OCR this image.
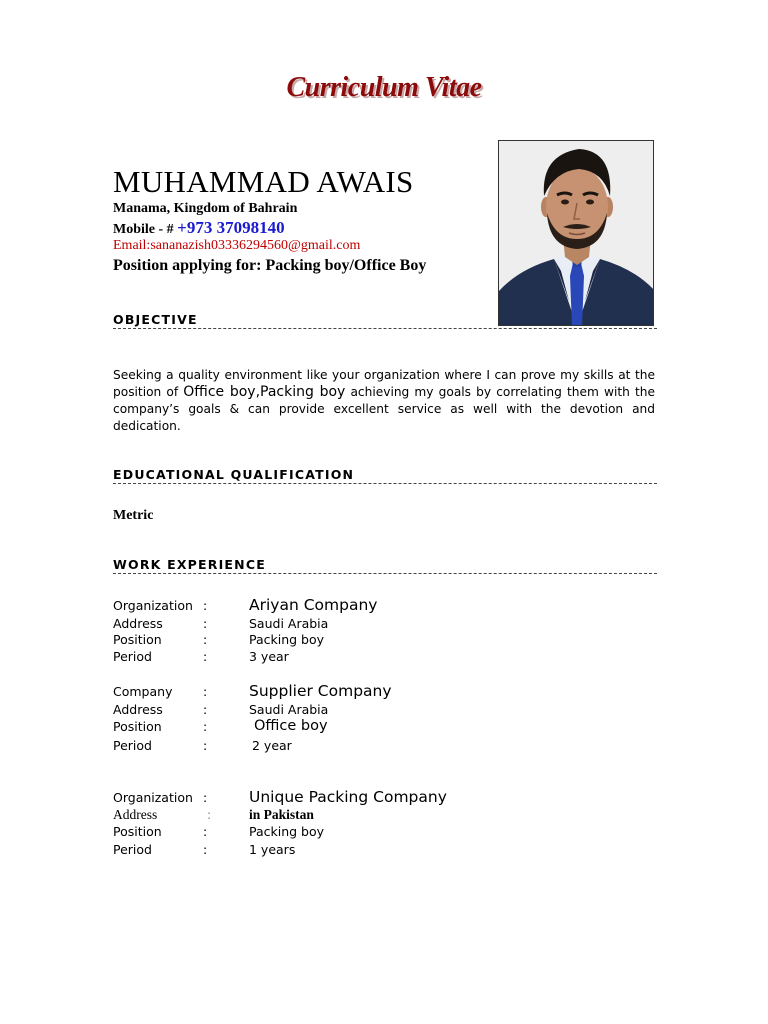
Curriculum Vitae
MUHAMMAD AWAIS
Manama, Kingdom of Bahrain
Mobile - # +973 37098140
Email:sananazish03336294560@gmail.com
Position applying for: Packing boy/Office Boy
OBJECTIVE
Seeking a quality environment like your organization where I can prove my skills at the position of Office boy,Packing boy achieving my goals by correlating them with the company’s goals & can provide excellent service as well with the devotion and dedication.
EDUCATIONAL QUALIFICATION
Metric
WORK EXPERIENCE
Organization :	Ariyan Company
Address	:	Saudi Arabia
Position	:	Packing boy
Period	:	3 year
Company :	Supplier Company
Address	:	Saudi Arabia
Position	:	Office boy
Period	:	2 year
Organization :	Unique Packing Company
Address	:	in Pakistan
Position	:	Packing boy
Period	:	1 years
